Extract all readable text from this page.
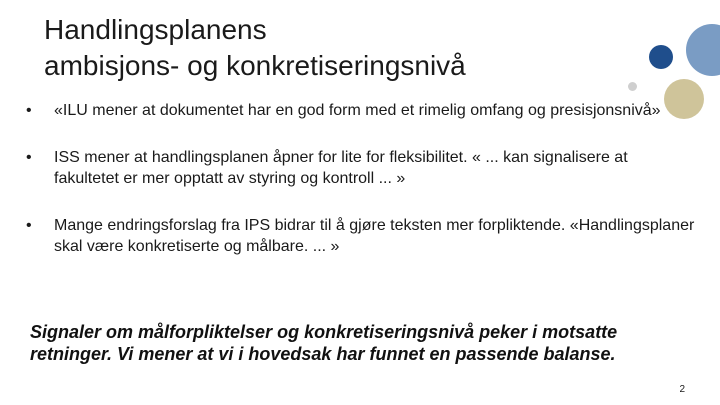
Handlingsplanens
ambisjons- og konkretiseringsnivå
• «ILU mener at dokumentet har en god form med et rimelig omfang og presisjonsnivå»
• ISS mener at handlingsplanen åpner for lite for fleksibilitet. « ... kan signalisere at fakultetet er mer opptatt av styring og kontroll ... »
• Mange endringsforslag fra IPS bidrar til å gjøre teksten mer forpliktende. «Handlingsplaner skal være konkretiserte og målbare. ... »
Signaler om målforpliktelser og konkretiseringsnivå peker i motsatte retninger. Vi mener at vi i hovedsak har funnet en passende balanse.
2
